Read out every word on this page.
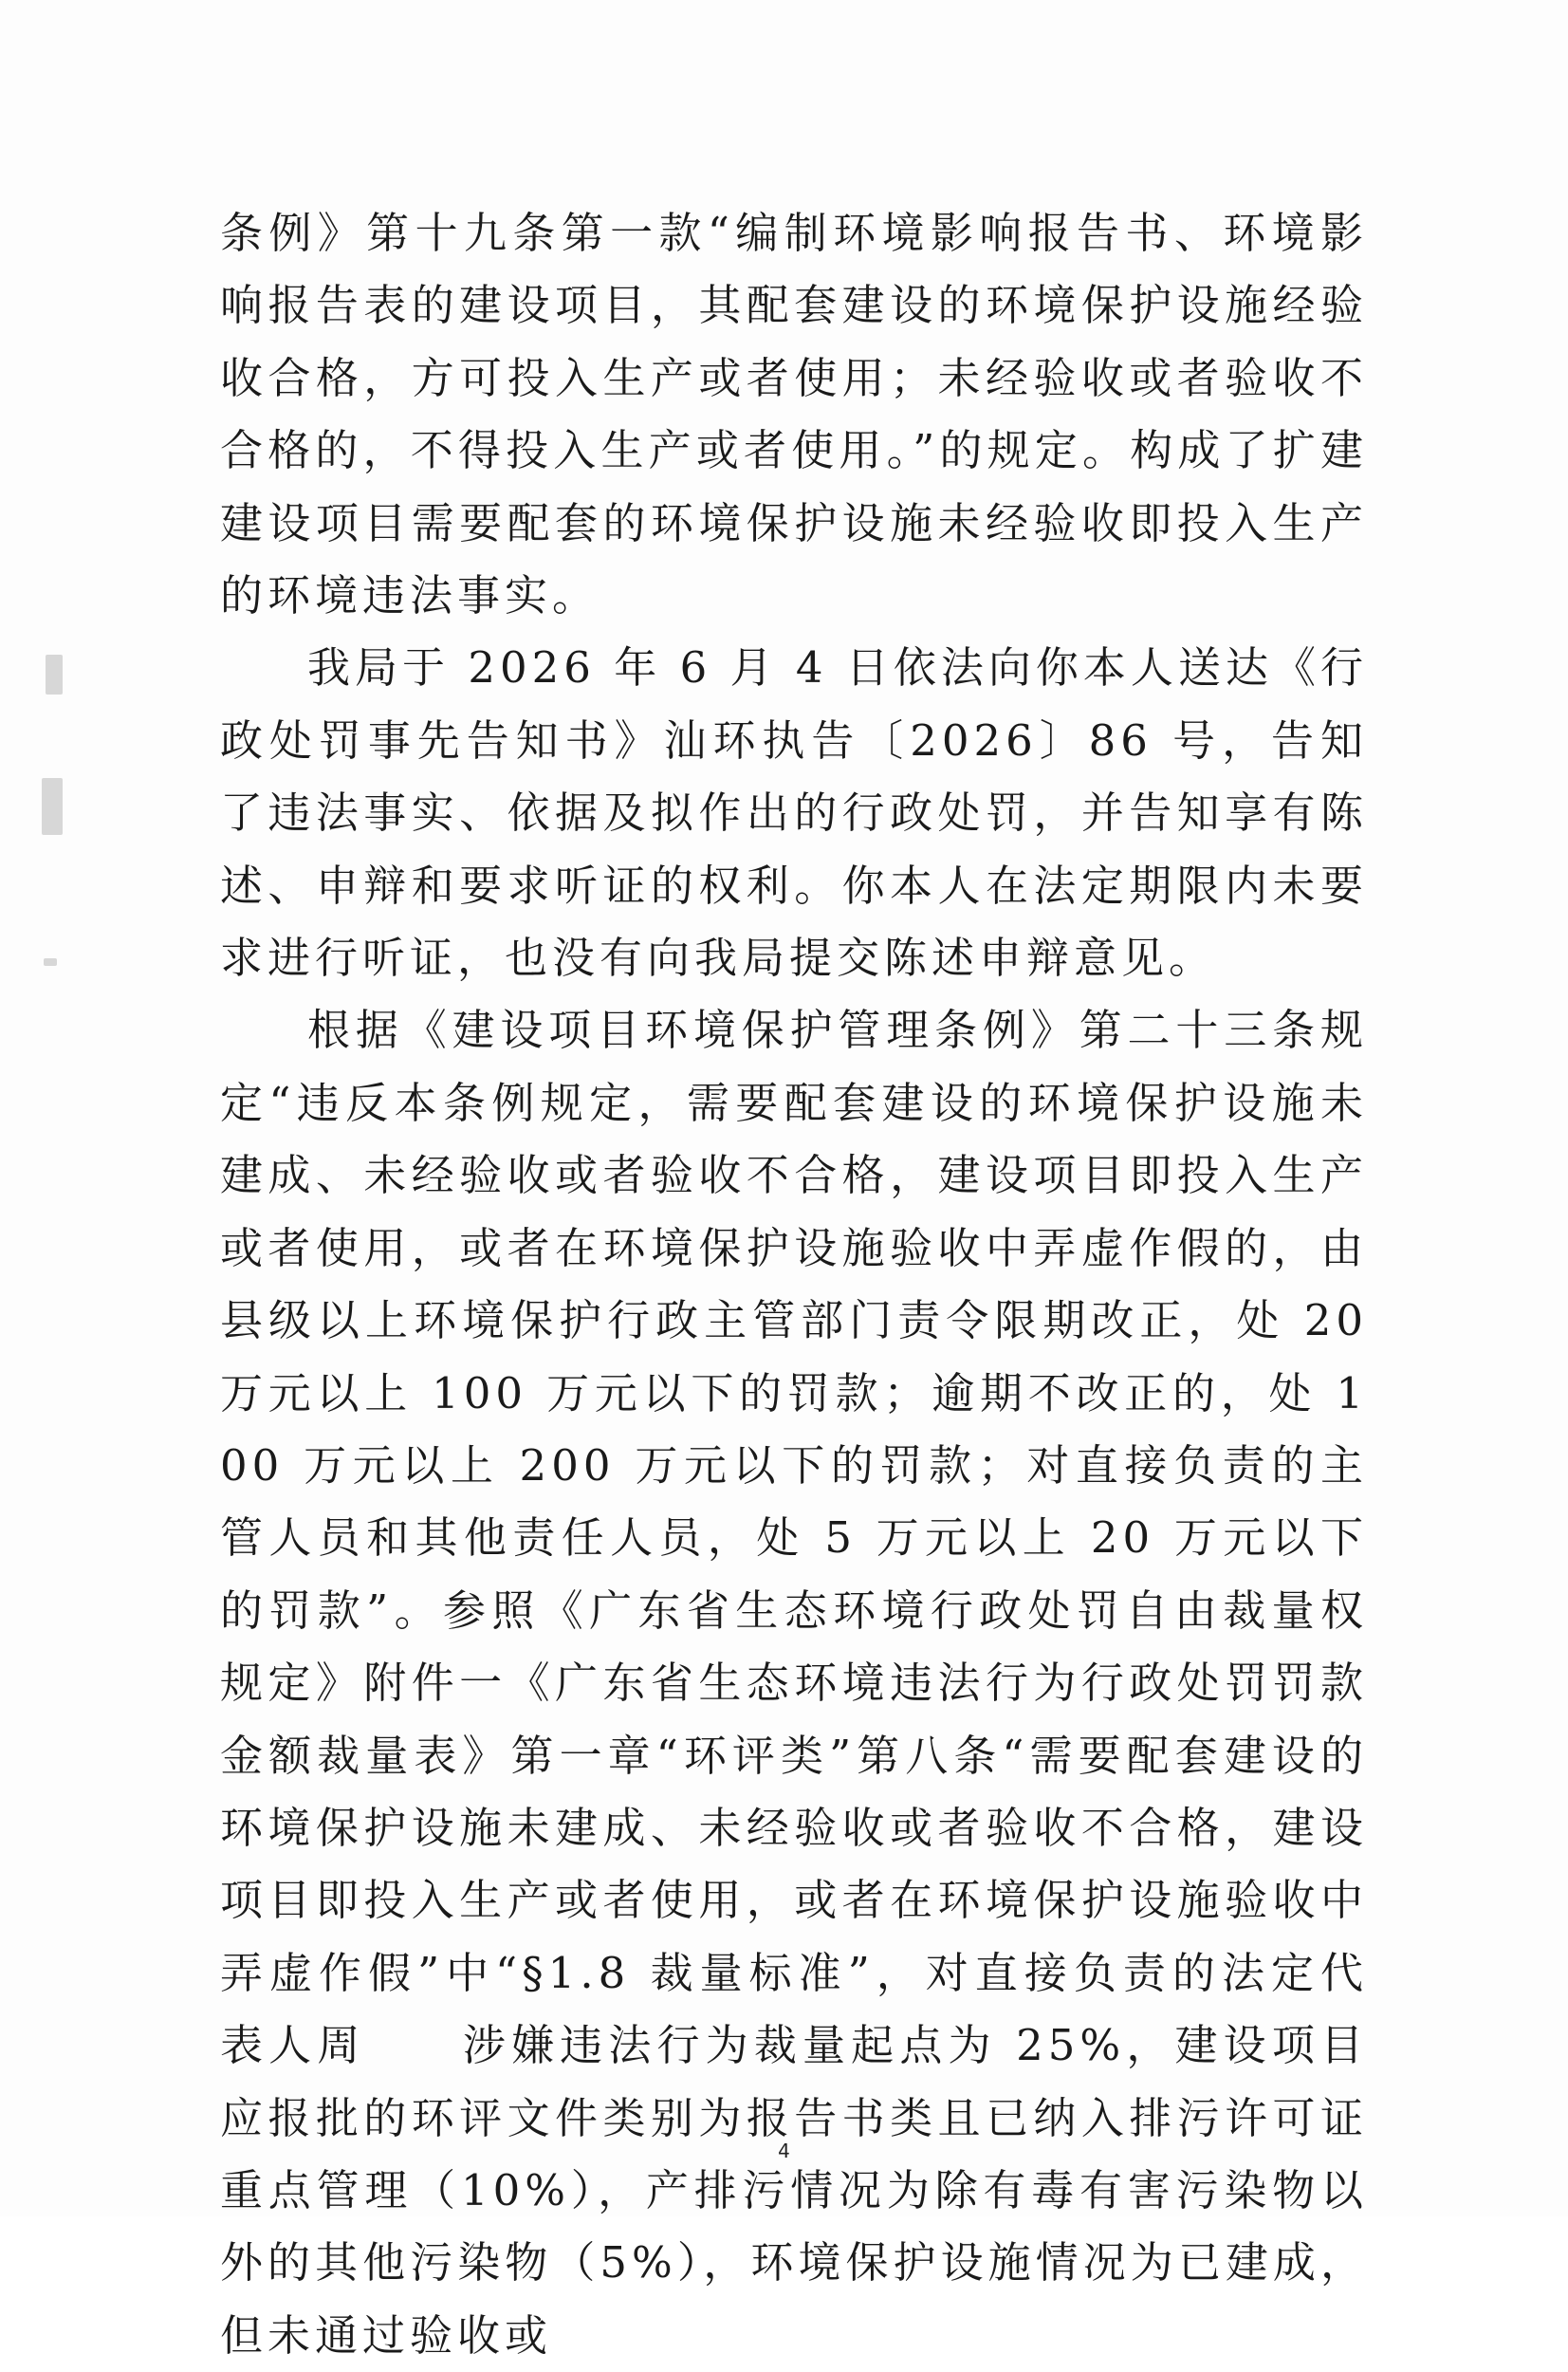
条例》第十九条第一款“编制环境影响报告书、环境影响报告表的建设项目，其配套建设的环境保护设施经验收合格，方可投入生产或者使用；未经验收或者验收不合格的，不得投入生产或者使用。”的规定。构成了扩建建设项目需要配套的环境保护设施未经验收即投入生产的环境违法事实。

我局于 2026 年 6 月 4 日依法向你本人送达《行政处罚事先告知书》汕环执告〔2026〕86 号，告知了违法事实、依据及拟作出的行政处罚，并告知享有陈述、申辩和要求听证的权利。你本人在法定期限内未要求进行听证，也没有向我局提交陈述申辩意见。

根据《建设项目环境保护管理条例》第二十三条规定“违反本条例规定，需要配套建设的环境保护设施未建成、未经验收或者验收不合格，建设项目即投入生产或者使用，或者在环境保护设施验收中弄虚作假的，由县级以上环境保护行政主管部门责令限期改正，处 20 万元以上 100 万元以下的罚款；逾期不改正的，处 100 万元以上 200 万元以下的罚款；对直接负责的主管人员和其他责任人员，处 5 万元以上 20 万元以下的罚款”。参照《广东省生态环境行政处罚自由裁量权规定》附件一《广东省生态环境违法行为行政处罚罚款金额裁量表》第一章“环评类”第八条“需要配套建设的环境保护设施未建成、未经验收或者验收不合格，建设项目即投入生产或者使用，或者在环境保护设施验收中弄虚作假”中“§1.8 裁量标准”，对直接负责的法定代表人周　　涉嫌违法行为裁量起点为 25%，建设项目应报批的环评文件类别为报告书类且已纳入排污许可证重点管理（10%），产排污情况为除有毒有害污染物以外的其他污染物（5%），环境保护设施情况为已建成，但未通过验收或

4
